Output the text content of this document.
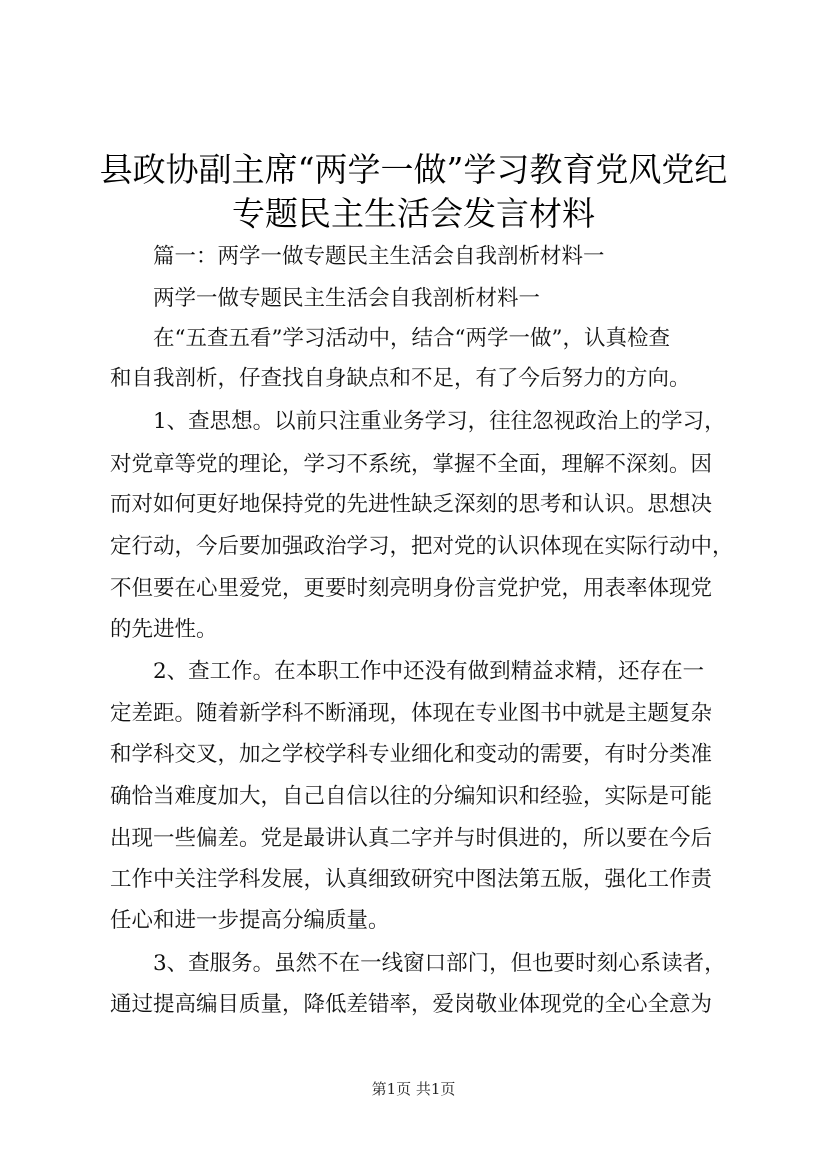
县政协副主席“两学一做”学习教育党风党纪
专题民主生活会发言材料
　　篇一：两学一做专题民主生活会自我剖析材料一
　　两学一做专题民主生活会自我剖析材料一
　　在“五查五看”学习活动中，结合“两学一做”，认真检查
和自我剖析，仔查找自身缺点和不足，有了今后努力的方向。
　　1、查思想。以前只注重业务学习，往往忽视政治上的学习，
对党章等党的理论，学习不系统，掌握不全面，理解不深刻。因
而对如何更好地保持党的先进性缺乏深刻的思考和认识。思想决
定行动，今后要加强政治学习，把对党的认识体现在实际行动中，
不但要在心里爱党，更要时刻亮明身份言党护党，用表率体现党
的先进性。
　　2、查工作。在本职工作中还没有做到精益求精，还存在一
定差距。随着新学科不断涌现，体现在专业图书中就是主题复杂
和学科交叉，加之学校学科专业细化和变动的需要，有时分类准
确恰当难度加大，自己自信以往的分编知识和经验，实际是可能
出现一些偏差。党是最讲认真二字并与时俱进的，所以要在今后
工作中关注学科发展，认真细致研究中图法第五版，强化工作责
任心和进一步提高分编质量。
　　3、查服务。虽然不在一线窗口部门，但也要时刻心系读者，
通过提高编目质量，降低差错率，爱岗敬业体现党的全心全意为
第1页 共1页
